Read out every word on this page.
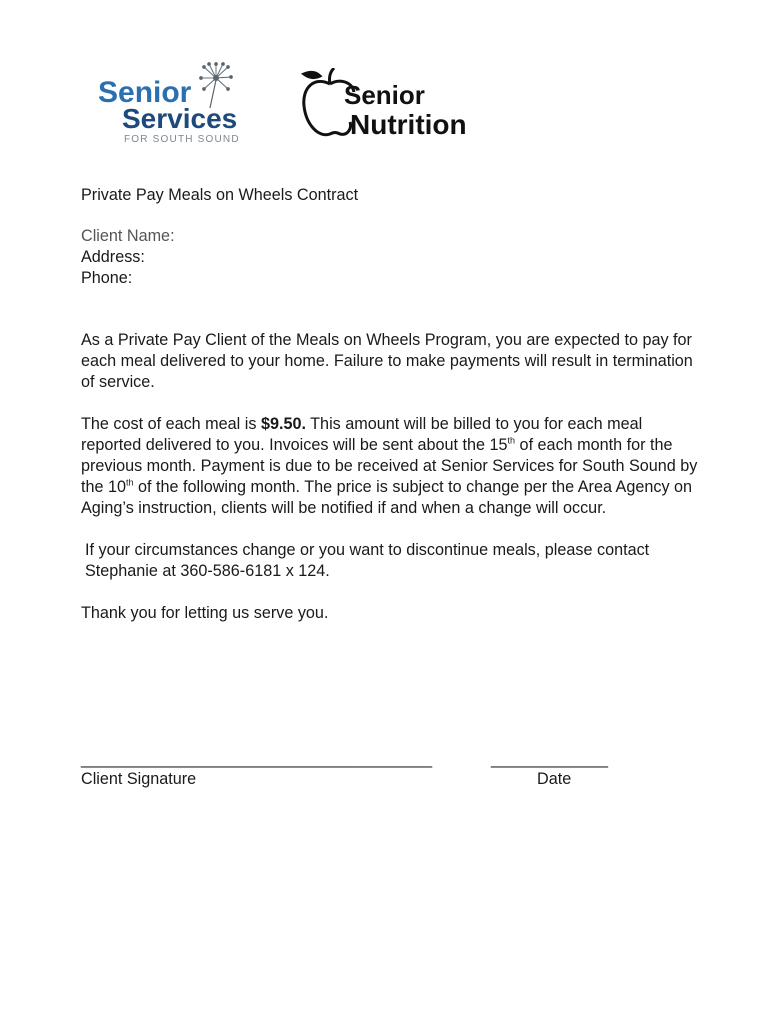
Senior
Services
FOR SOUTH SOUND
Senior
Nutrition

Private Pay Meals on Wheels Contract

Client Name:

Address:

Phone:

As a Private Pay Client of the Meals on Wheels Program, you are expected to pay for each meal delivered to your home. Failure to make payments will result in termination of service.

The cost of each meal is $9.50. This amount will be billed to you for each meal reported delivered to you. Invoices will be sent about the 15th of each month for the previous month. Payment is due to be received at Senior Services for South Sound by the 10th of the following month. The price is subject to change per the Area Agency on Aging’s instruction, clients will be notified if and when a change will occur.

If your circumstances change or you want to discontinue meals, please contact Stephanie at 360-586-6181 x 124.

Thank you for letting us serve you.

_______________________________________	_____________
Client Signature	Date
